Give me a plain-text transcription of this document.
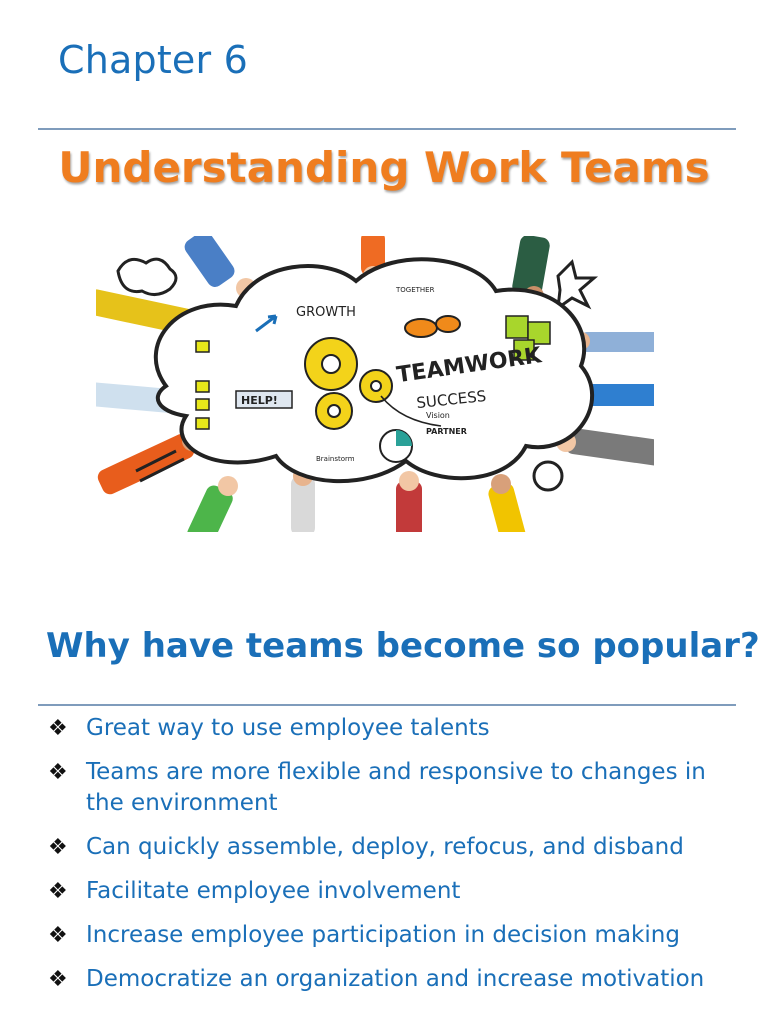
Chapter 6
Understanding Work Teams
GROWTH
TOGETHER
TEAMWORK
SUCCESS
Vision
PARTNER
HELP!
Brainstorm
Why have teams become so popular?
❖ Great way to use employee talents
❖ Teams are more flexible and responsive to changes in the environment
❖ Can quickly assemble, deploy, refocus, and disband
❖ Facilitate employee involvement
❖ Increase employee participation in decision making
❖ Democratize an organization and increase motivation
